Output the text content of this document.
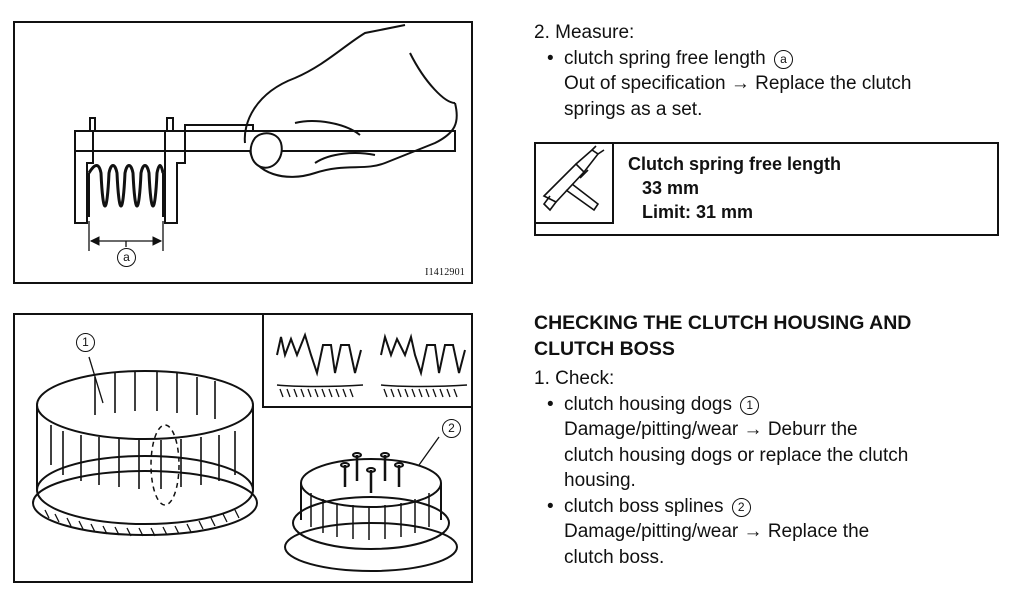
a
I1412901
1
2

2. Measure:

• clutch spring free length a

Out of specification → Replace the clutch

springs as a set.

Clutch spring free length
33 mm
Limit: 31 mm
CHECKING THE CLUTCH HOUSING AND
CLUTCH BOSS

1. Check:

• clutch housing dogs 1

Damage/pitting/wear → Deburr the

clutch housing dogs or replace the clutch

housing.

• clutch boss splines 2

Damage/pitting/wear → Replace the

clutch boss.
